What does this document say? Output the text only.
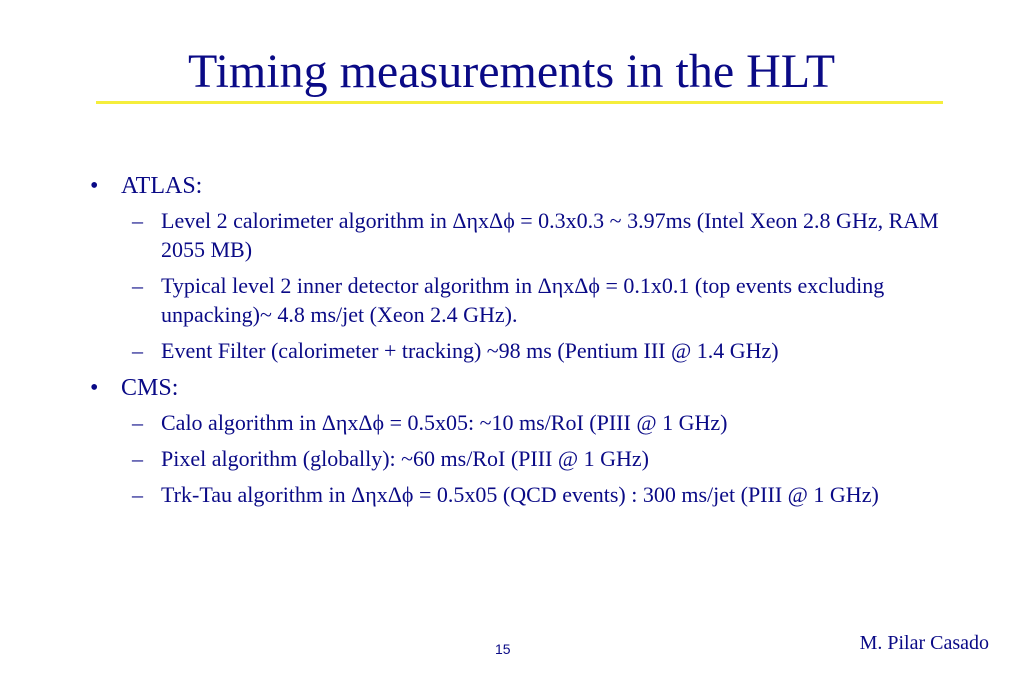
Timing measurements in the HLT
• ATLAS:
– Level 2 calorimeter algorithm in ΔηxΔϕ = 0.3x0.3 ~ 3.97ms (Intel Xeon 2.8 GHz, RAM 2055 MB)
– Typical level 2 inner detector algorithm in ΔηxΔϕ = 0.1x0.1 (top events excluding unpacking)~ 4.8 ms/jet (Xeon 2.4 GHz).
– Event Filter (calorimeter + tracking) ~98 ms (Pentium III @ 1.4 GHz)
• CMS:
– Calo algorithm in ΔηxΔϕ = 0.5x05: ~10 ms/RoI (PIII @ 1 GHz)
– Pixel algorithm (globally): ~60 ms/RoI (PIII @ 1 GHz)
– Trk-Tau algorithm in ΔηxΔϕ = 0.5x05 (QCD events) : 300 ms/jet (PIII @ 1 GHz)
15	M. Pilar Casado
